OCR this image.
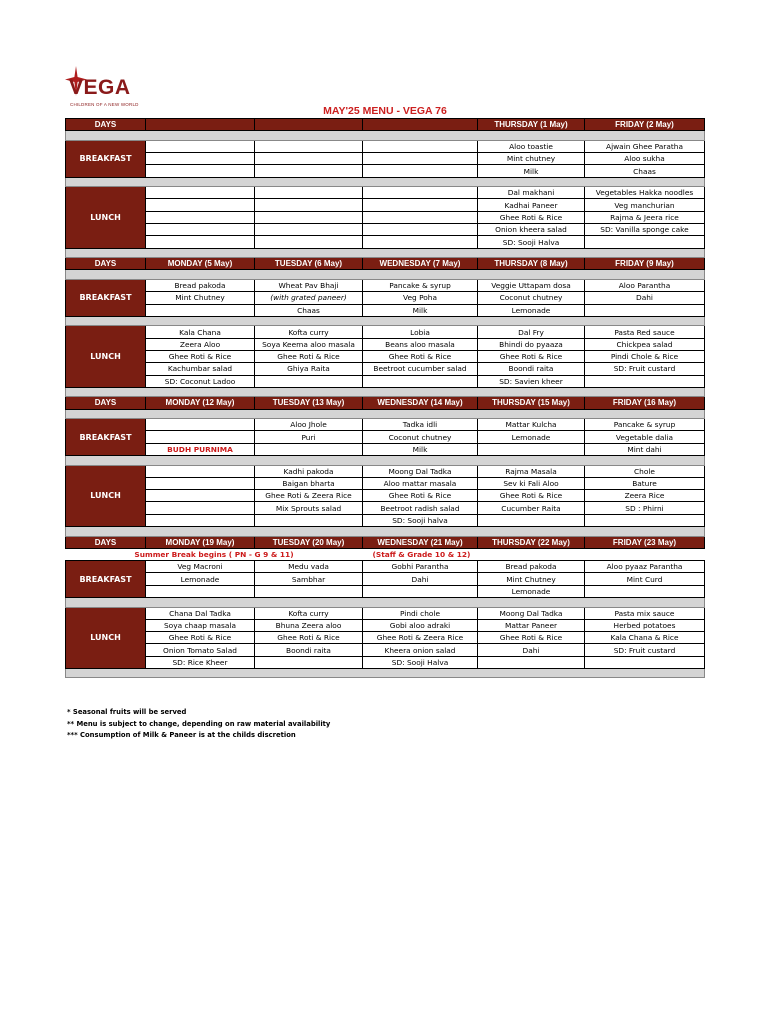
VEGA
CHILDREN OF A NEW WORLD
MAY'25 MENU - VEGA 76
DAYS				THURSDAY (1 May)	FRIDAY (2 May)

BREAKFAST				Aloo toastie	Ajwain Ghee Paratha
				Mint chutney	Aloo sukha
				Milk	Chaas

LUNCH				Dal makhani	Vegetables Hakka noodles
				Kadhai Paneer	Veg manchurian
				Ghee Roti & Rice	Rajma & Jeera rice
				Onion kheera salad	SD: Vanilla sponge cake
				SD: Sooji Halva	

DAYS	MONDAY (5 May)	TUESDAY (6 May)	WEDNESDAY (7 May)	THURSDAY (8 May)	FRIDAY (9 May)

BREAKFAST	Bread pakoda	Wheat Pav Bhaji	Pancake & syrup	Veggie Uttapam dosa	Aloo Parantha
	Mint Chutney	(with grated paneer)	Veg Poha	Coconut chutney	Dahi
		Chaas	Milk	Lemonade	

LUNCH	Kala Chana	Kofta curry	Lobia	Dal Fry	Pasta Red sauce
	Zeera Aloo	Soya Keema aloo masala	Beans aloo masala	Bhindi do pyaaza	Chickpea salad
	Ghee Roti & Rice	Ghee Roti & Rice	Ghee Roti & Rice	Ghee Roti & Rice	Pindi Chole & Rice
	Kachumbar salad	Ghiya Raita	Beetroot cucumber salad	Boondi raita	SD: Fruit custard
	SD: Coconut Ladoo			SD: Savien kheer	

DAYS	MONDAY (12 May)	TUESDAY (13 May)	WEDNESDAY (14 May)	THURSDAY (15 May)	FRIDAY (16 May)

BREAKFAST		Aloo Jhole	Tadka idli	Mattar Kulcha	Pancake & syrup
		Puri	Coconut chutney	Lemonade	Vegetable dalia
	BUDH PURNIMA		Milk		Mint dahi

LUNCH		Kadhi pakoda	Moong Dal Tadka	Rajma Masala	Chole
		Baigan bharta	Aloo mattar masala	Sev ki Fali Aloo	Bature
		Ghee Roti & Zeera Rice	Ghee Roti & Rice	Ghee Roti & Rice	Zeera Rice
		Mix Sprouts salad	Beetroot radish salad	Cucumber Raita	SD : Phirni
			SD: Sooji halva		

DAYS	MONDAY (19 May)	TUESDAY (20 May)	WEDNESDAY (21 May)	THURSDAY (22 May)	FRIDAY (23 May)
Summer Break begins ( PN - G 9 & 11)			(Staff & Grade 10 & 12)		
BREAKFAST	Veg Macroni	Medu vada	Gobhi Parantha	Bread pakoda	Aloo pyaaz Parantha
	Lemonade	Sambhar	Dahi	Mint Chutney	Mint Curd
				Lemonade	

LUNCH	Chana Dal Tadka	Kofta curry	Pindi chole	Moong Dal Tadka	Pasta mix sauce
	Soya chaap masala	Bhuna Zeera aloo	Gobi aloo adraki	Mattar Paneer	Herbed potatoes
	Ghee Roti & Rice	Ghee Roti & Rice	Ghee Roti & Zeera Rice	Ghee Roti & Rice	Kala Chana & Rice
	Onion Tomato Salad	Boondi raita	Kheera onion salad	Dahi	SD: Fruit custard
	SD: Rice Kheer		SD: Sooji Halva		

* Seasonal fruits will be served
** Menu is subject to change, depending on raw material availability
*** Consumption of Milk & Paneer is at the childs discretion
